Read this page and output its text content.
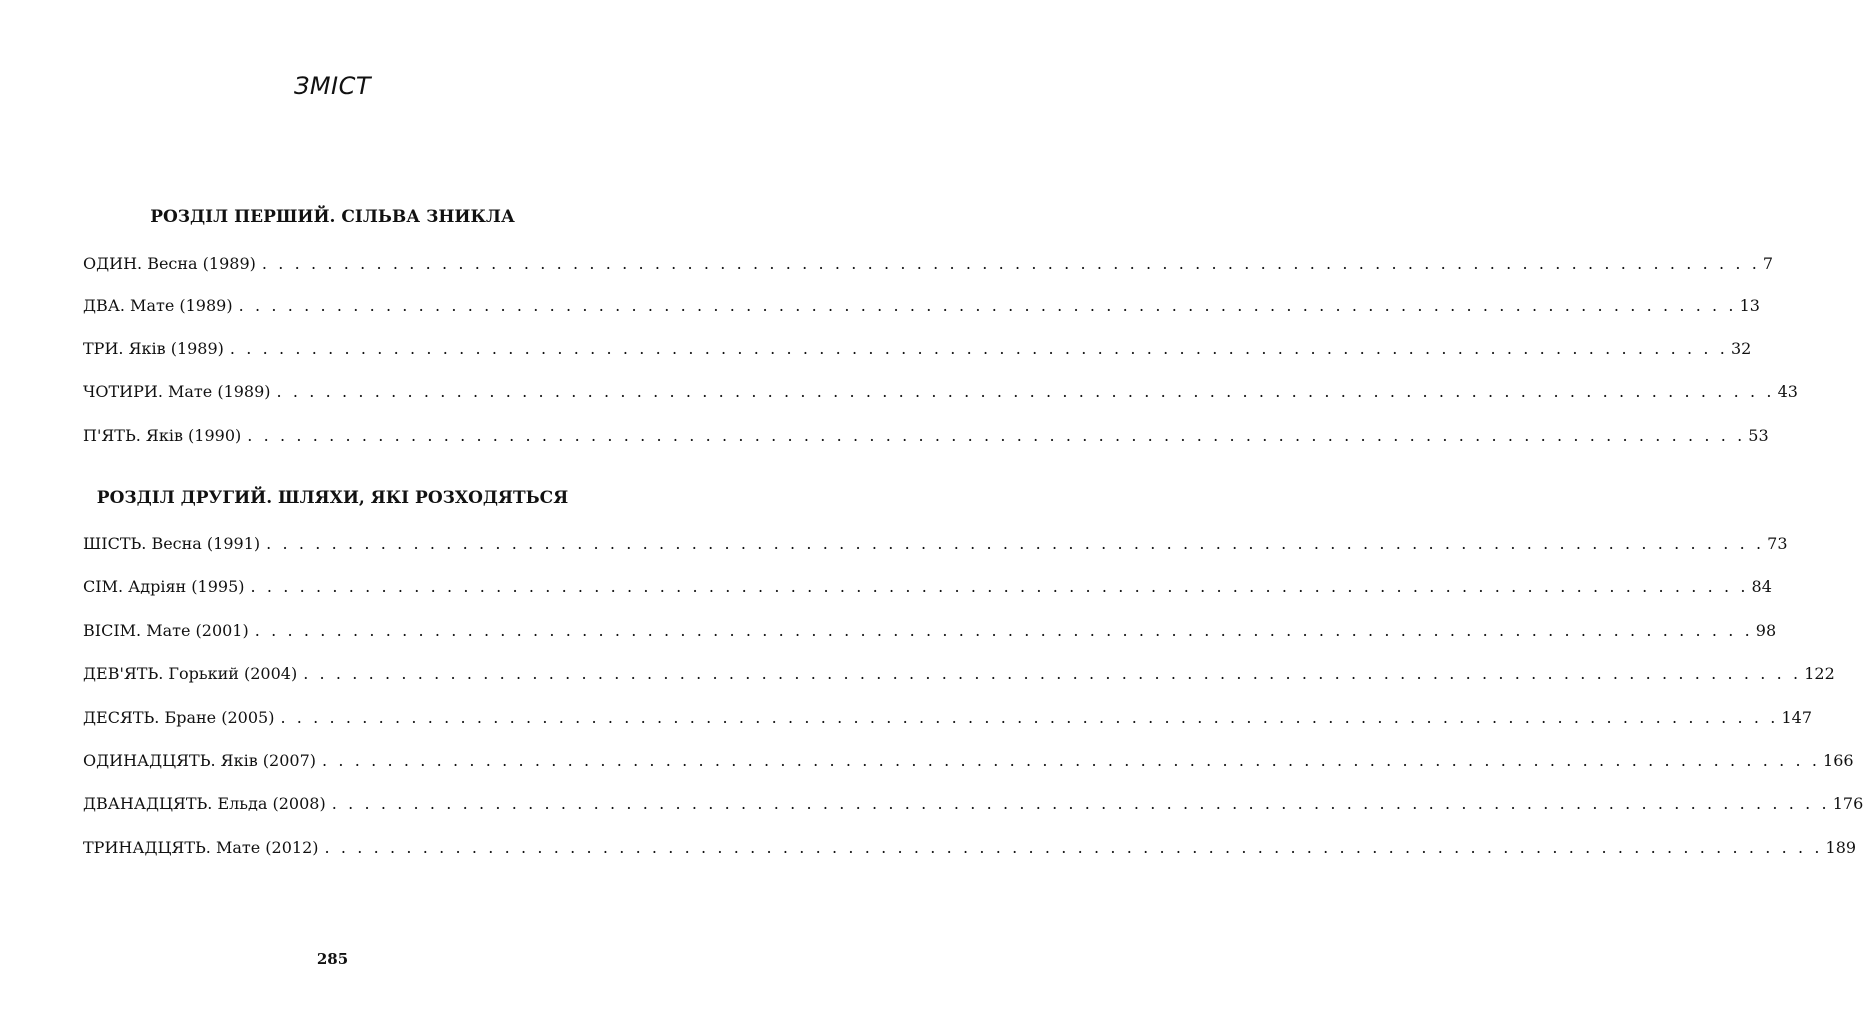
ЗМІСТ
РОЗДІЛ ПЕРШИЙ. СІЛЬВА ЗНИКЛА
ОДИН. Весна (1989) . . . . . . . . . . . . . . . . . . . . . . . . . . . . . . . . . . . . . . . . . . . . . . . . . . . . . . . . . . . . . . . . . . . . . . . . . . . . . . . . . . . . . . . . . . . . 7
ДВА. Мате (1989) . . . . . . . . . . . . . . . . . . . . . . . . . . . . . . . . . . . . . . . . . . . . . . . . . . . . . . . . . . . . . . . . . . . . . . . . . . . . . . . . . . . . . . . . . . . . 13
ТРИ. Яків (1989) . . . . . . . . . . . . . . . . . . . . . . . . . . . . . . . . . . . . . . . . . . . . . . . . . . . . . . . . . . . . . . . . . . . . . . . . . . . . . . . . . . . . . . . . . . . . 32
ЧОТИРИ. Мате (1989) . . . . . . . . . . . . . . . . . . . . . . . . . . . . . . . . . . . . . . . . . . . . . . . . . . . . . . . . . . . . . . . . . . . . . . . . . . . . . . . . . . . . . . . . . . . . 43
П'ЯТЬ. Яків (1990) . . . . . . . . . . . . . . . . . . . . . . . . . . . . . . . . . . . . . . . . . . . . . . . . . . . . . . . . . . . . . . . . . . . . . . . . . . . . . . . . . . . . . . . . . . . . 53
РОЗДІЛ ДРУГИЙ. ШЛЯХИ, ЯКІ РОЗХОДЯТЬСЯ
ШІСТЬ. Весна (1991) . . . . . . . . . . . . . . . . . . . . . . . . . . . . . . . . . . . . . . . . . . . . . . . . . . . . . . . . . . . . . . . . . . . . . . . . . . . . . . . . . . . . . . . . . . . . 73
СІМ. Адріян (1995) . . . . . . . . . . . . . . . . . . . . . . . . . . . . . . . . . . . . . . . . . . . . . . . . . . . . . . . . . . . . . . . . . . . . . . . . . . . . . . . . . . . . . . . . . . . . 84
ВІСІМ. Мате (2001) . . . . . . . . . . . . . . . . . . . . . . . . . . . . . . . . . . . . . . . . . . . . . . . . . . . . . . . . . . . . . . . . . . . . . . . . . . . . . . . . . . . . . . . . . . . . 98
ДЕВ'ЯТЬ. Горький (2004) . . . . . . . . . . . . . . . . . . . . . . . . . . . . . . . . . . . . . . . . . . . . . . . . . . . . . . . . . . . . . . . . . . . . . . . . . . . . . . . . . . . . . . . . . . . . 122
ДЕСЯТЬ. Бране (2005) . . . . . . . . . . . . . . . . . . . . . . . . . . . . . . . . . . . . . . . . . . . . . . . . . . . . . . . . . . . . . . . . . . . . . . . . . . . . . . . . . . . . . . . . . . . . 147
ОДИНАДЦЯТЬ. Яків (2007) . . . . . . . . . . . . . . . . . . . . . . . . . . . . . . . . . . . . . . . . . . . . . . . . . . . . . . . . . . . . . . . . . . . . . . . . . . . . . . . . . . . . . . . . . . . . 166
ДВАНАДЦЯТЬ. Ельда (2008) . . . . . . . . . . . . . . . . . . . . . . . . . . . . . . . . . . . . . . . . . . . . . . . . . . . . . . . . . . . . . . . . . . . . . . . . . . . . . . . . . . . . . . . . . . . . 176
ТРИНАДЦЯТЬ. Мате (2012) . . . . . . . . . . . . . . . . . . . . . . . . . . . . . . . . . . . . . . . . . . . . . . . . . . . . . . . . . . . . . . . . . . . . . . . . . . . . . . . . . . . . . . . . . . . . 189
285
